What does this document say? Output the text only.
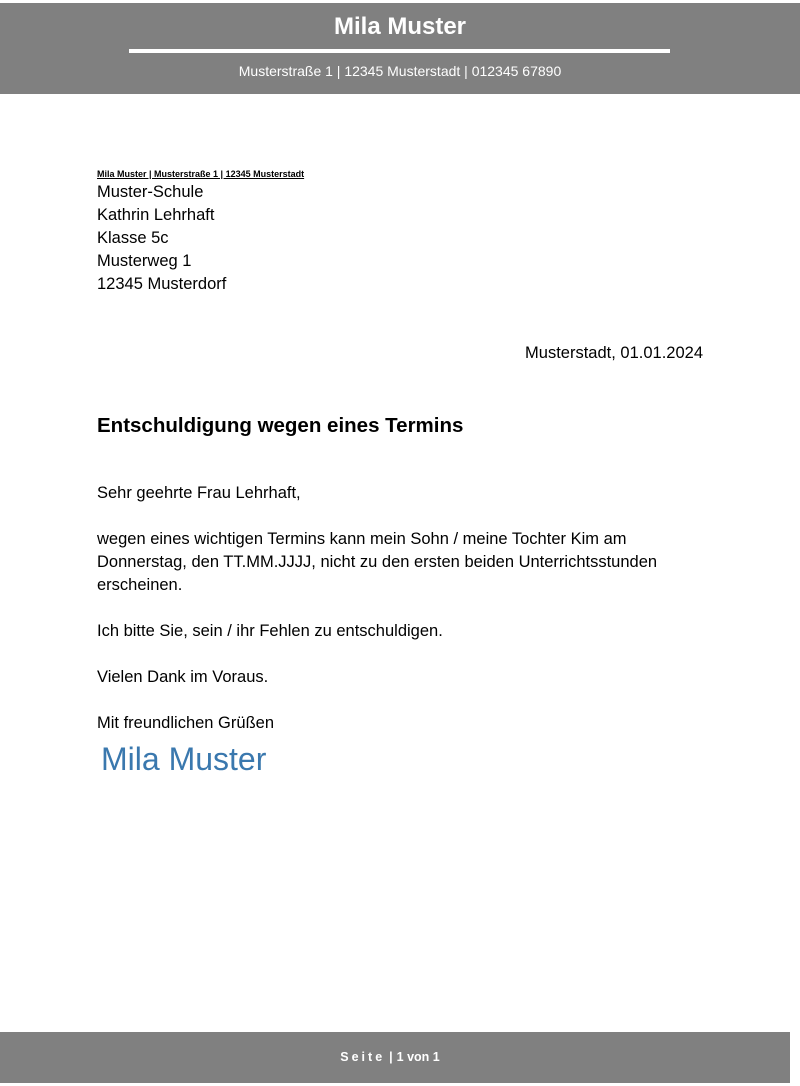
Mila Muster
Musterstraße 1 | 12345 Musterstadt | 012345 67890
Mila Muster | Musterstraße 1 | 12345 Musterstadt
Muster-Schule
Kathrin Lehrhaft
Klasse 5c
Musterweg 1
12345 Musterdorf
Musterstadt, 01.01.2024
Entschuldigung wegen eines Termins

Sehr geehrte Frau Lehrhaft,

wegen eines wichtigen Termins kann mein Sohn / meine Tochter Kim am Donnerstag, den TT.MM.JJJJ, nicht zu den ersten beiden Unterrichtsstunden erscheinen.

Ich bitte Sie, sein / ihr Fehlen zu entschuldigen.

Vielen Dank im Voraus.

Mit freundlichen Grüßen

Mila Muster
Seite | 1 von 1
